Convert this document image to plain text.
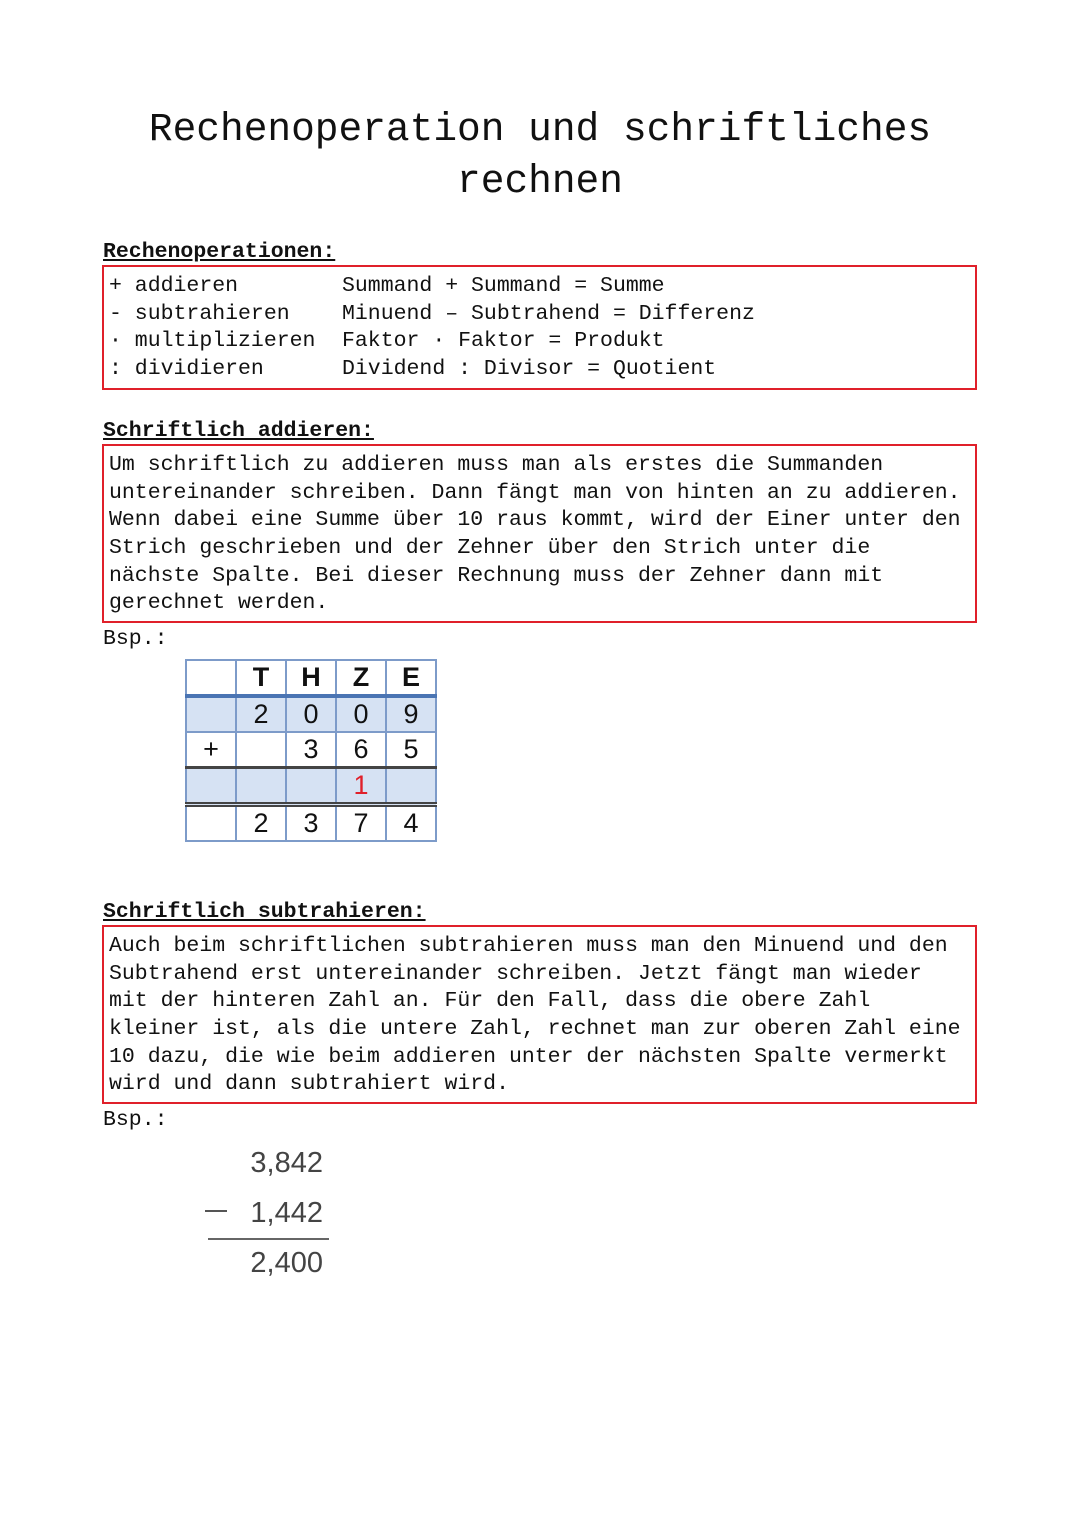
Rechenoperation und schriftliches
rechnen
Rechenoperationen:
+ addieren	Summand + Summand = Summe
- subtrahieren	Minuend – Subtrahend = Differenz
· multiplizieren	Faktor · Faktor = Produkt
: dividieren	Dividend : Divisor = Quotient
Schriftlich addieren:
Um schriftlich zu addieren muss man als erstes die Summanden
untereinander schreiben. Dann fängt man von hinten an zu addieren.
Wenn dabei eine Summe über 10 raus kommt, wird der Einer unter den
Strich geschrieben und der Zehner über den Strich unter die
nächste Spalte. Bei dieser Rechnung muss der Zehner dann mit
gerechnet werden.
Bsp.:
	T	H	Z	E
	2	0	0	9
+		3	6	5
			1	
	2	3	7	4
Schriftlich subtrahieren:
Auch beim schriftlichen subtrahieren muss man den Minuend und den
Subtrahend erst untereinander schreiben. Jetzt fängt man wieder
mit der hinteren Zahl an. Für den Fall, dass die obere Zahl
kleiner ist, als die untere Zahl, rechnet man zur oberen Zahl eine
10 dazu, die wie beim addieren unter der nächsten Spalte vermerkt
wird und dann subtrahiert wird.
Bsp.:
3,842
1,442
2,400
